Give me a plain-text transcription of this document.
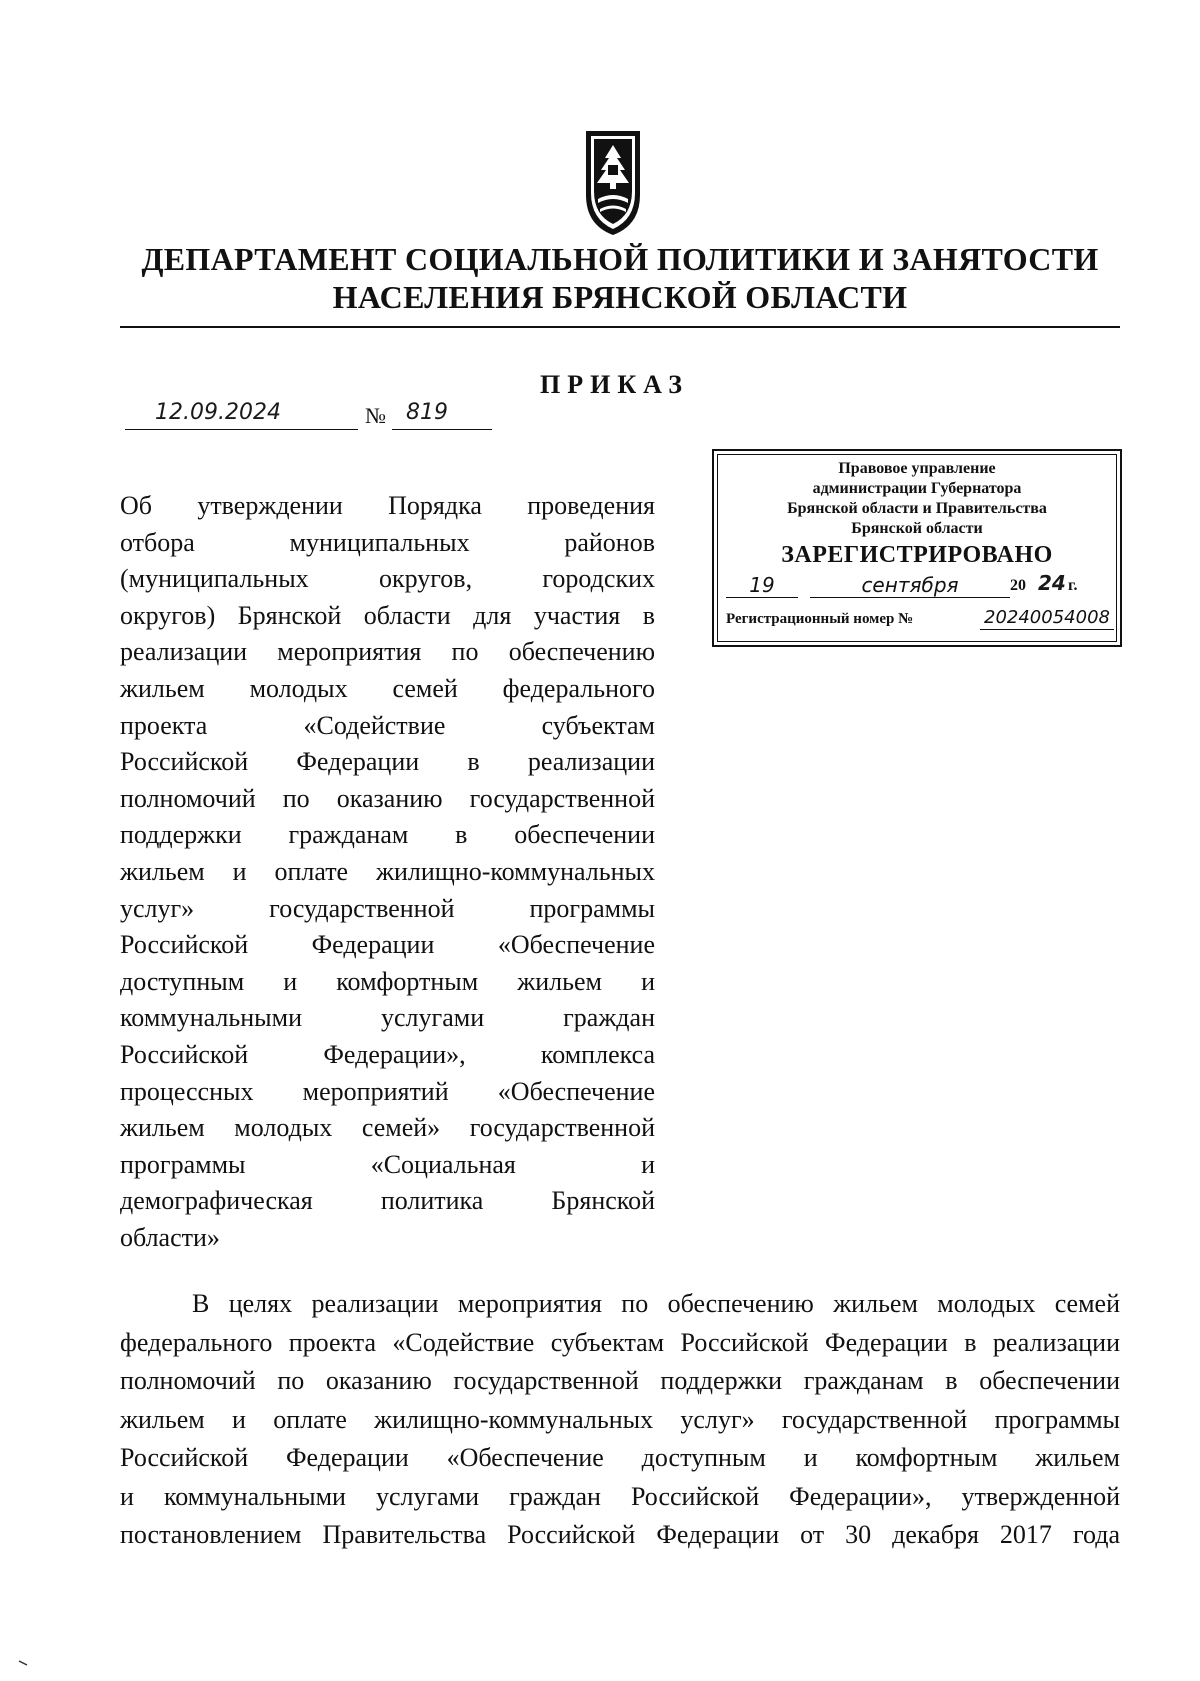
ДЕПАРТАМЕНТ СОЦИАЛЬНОЙ ПОЛИТИКИ И ЗАНЯТОСТИ
НАСЕЛЕНИЯ БРЯНСКОЙ ОБЛАСТИ
ПРИКАЗ
12.09.2024	№ 819
Правовое управление
администрации Губернатора
Брянской области и Правительства
Брянской области
ЗАРЕГИСТРИРОВАНО
19	сентября	20 24 г.
Регистрационный номер №	20240054008
Об утверждении Порядка проведения
отбора муниципальных районов
(муниципальных округов, городских
округов) Брянской области для участия в
реализации мероприятия по обеспечению
жильем молодых семей федерального
проекта «Содействие субъектам
Российской Федерации в реализации
полномочий по оказанию государственной
поддержки гражданам в обеспечении
жильем и оплате жилищно-коммунальных
услуг» государственной программы
Российской Федерации «Обеспечение
доступным и комфортным жильем и
коммунальными услугами граждан
Российской Федерации», комплекса
процессных мероприятий «Обеспечение
жильем молодых семей» государственной
программы «Социальная и
демографическая политика Брянской
области»
В целях реализации мероприятия по обеспечению жильем молодых семей
федерального проекта «Содействие субъектам Российской Федерации в реализации
полномочий по оказанию государственной поддержки гражданам в обеспечении
жильем и оплате жилищно-коммунальных услуг» государственной программы
Российской Федерации «Обеспечение доступным и комфортным жильем
и коммунальными услугами граждан Российской Федерации», утвержденной
постановлением Правительства Российской Федерации от 30 декабря 2017 года
